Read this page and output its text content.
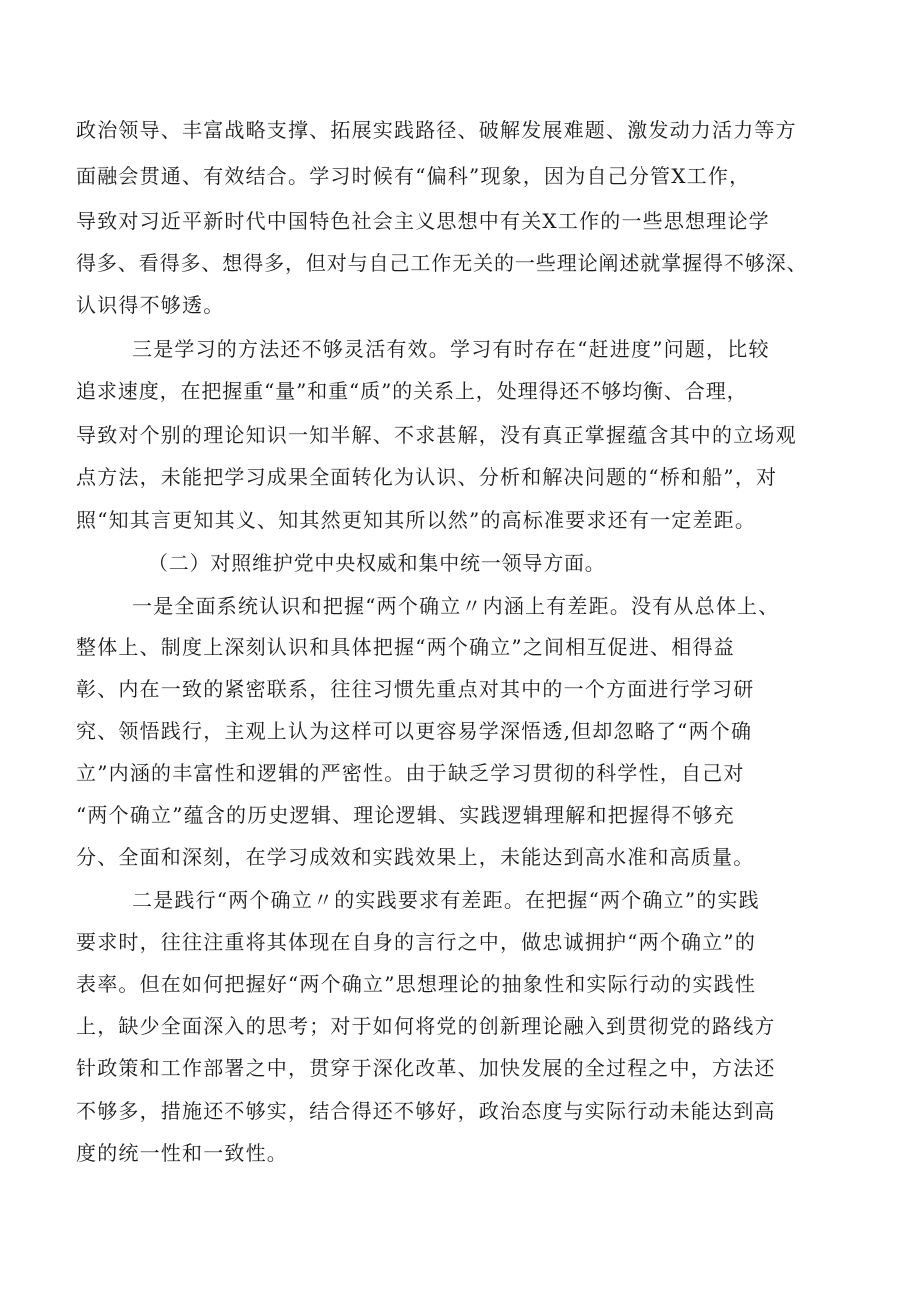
政治领导、丰富战略支撑、拓展实践路径、破解发展难题、激发动力活力等方
面融会贯通、有效结合。学习时候有“偏科”现象，因为自己分管X工作，
导致对习近平新时代中国特色社会主义思想中有关X工作的一些思想理论学
得多、看得多、想得多，但对与自己工作无关的一些理论阐述就掌握得不够深、
认识得不够透。
三是学习的方法还不够灵活有效。学习有时存在“赶进度”问题，比较
追求速度，在把握重“量”和重“质”的关系上，处理得还不够均衡、合理，
导致对个别的理论知识一知半解、不求甚解，没有真正掌握蕴含其中的立场观
点方法，未能把学习成果全面转化为认识、分析和解决问题的“桥和船”，对
照“知其言更知其义、知其然更知其所以然”的高标准要求还有一定差距。
（二）对照维护党中央权威和集中统一领导方面。
一是全面系统认识和把握“两个确立〃内涵上有差距。没有从总体上、
整体上、制度上深刻认识和具体把握“两个确立”之间相互促进、相得益
彰、内在一致的紧密联系，往往习惯先重点对其中的一个方面进行学习研
究、领悟践行，主观上认为这样可以更容易学深悟透,但却忽略了“两个确
立”内涵的丰富性和逻辑的严密性。由于缺乏学习贯彻的科学性，自己对
“两个确立”蕴含的历史逻辑、理论逻辑、实践逻辑理解和把握得不够充
分、全面和深刻，在学习成效和实践效果上，未能达到高水准和高质量。
二是践行“两个确立〃的实践要求有差距。在把握“两个确立”的实践
要求时，往往注重将其体现在自身的言行之中，做忠诚拥护“两个确立”的
表率。但在如何把握好“两个确立”思想理论的抽象性和实际行动的实践性
上，缺少全面深入的思考；对于如何将党的创新理论融入到贯彻党的路线方
针政策和工作部署之中，贯穿于深化改革、加快发展的全过程之中，方法还
不够多，措施还不够实，结合得还不够好，政治态度与实际行动未能达到高
度的统一性和一致性。
